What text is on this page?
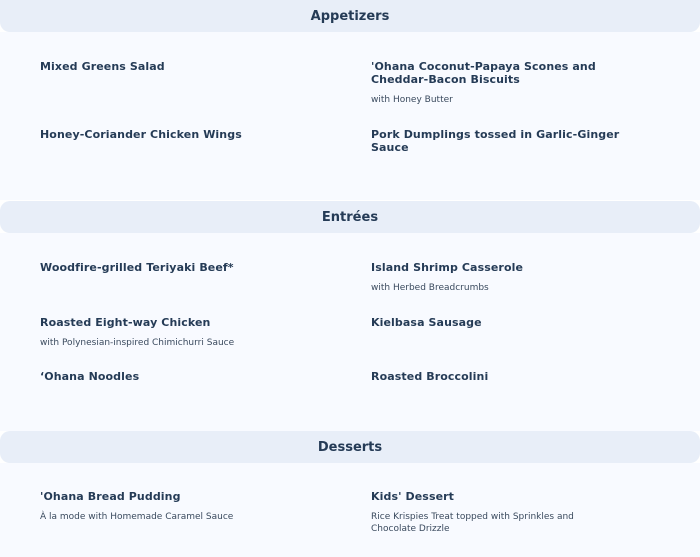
Appetizers
Mixed Greens Salad	'Ohana Coconut-Papaya Scones and Cheddar-Bacon Biscuits
with Honey Butter
Honey-Coriander Chicken Wings	Pork Dumplings tossed in Garlic-Ginger Sauce
Entrées
Woodfire-grilled Teriyaki Beef*	Island Shrimp Casserole
with Herbed Breadcrumbs
Roasted Eight-way Chicken
with Polynesian-inspired Chimichurri Sauce
Kielbasa Sausage
‘Ohana Noodles	Roasted Broccolini
Desserts
'Ohana Bread Pudding
À la mode with Homemade Caramel Sauce
Kids' Dessert
Rice Krispies Treat topped with Sprinkles and Chocolate Drizzle
